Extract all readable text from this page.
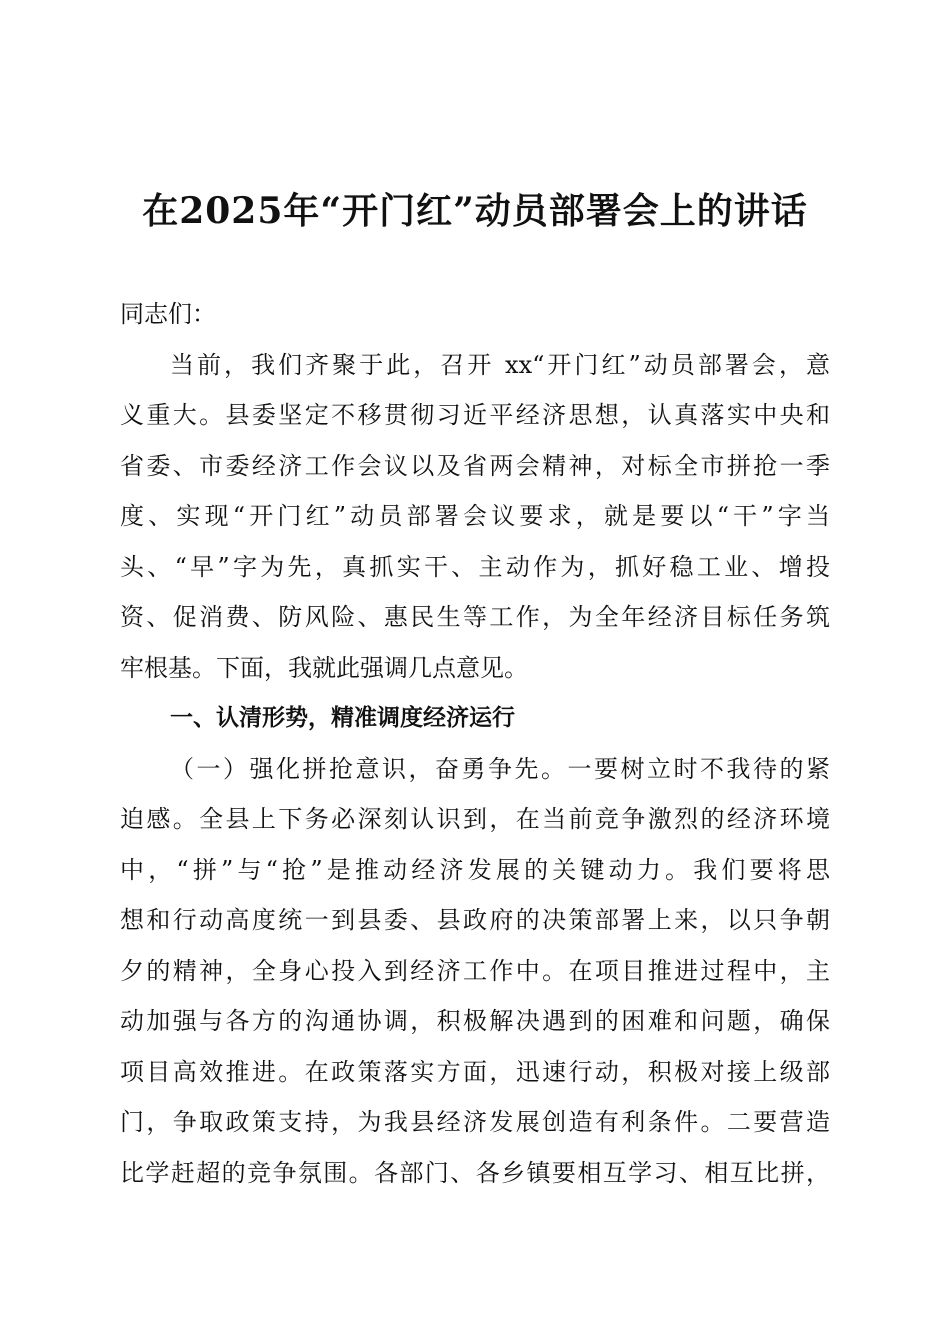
在2025年“开门红”动员部署会上的讲话
同志们：
当前，我们齐聚于此，召开 xx“开门红”动员部署会，意
义重大。县委坚定不移贯彻习近平经济思想，认真落实中央和
省委、市委经济工作会议以及省两会精神，对标全市拼抢一季
度、实现“开门红”动员部署会议要求，就是要以“干”字当
头、“早”字为先，真抓实干、主动作为，抓好稳工业、增投
资、促消费、防风险、惠民生等工作，为全年经济目标任务筑
牢根基。下面，我就此强调几点意见。
一、认清形势，精准调度经济运行
（一）强化拼抢意识，奋勇争先。一要树立时不我待的紧
迫感。全县上下务必深刻认识到，在当前竞争激烈的经济环境
中，“拼”与“抢”是推动经济发展的关键动力。我们要将思
想和行动高度统一到县委、县政府的决策部署上来，以只争朝
夕的精神，全身心投入到经济工作中。在项目推进过程中，主
动加强与各方的沟通协调，积极解决遇到的困难和问题，确保
项目高效推进。在政策落实方面，迅速行动，积极对接上级部
门，争取政策支持，为我县经济发展创造有利条件。二要营造
比学赶超的竞争氛围。各部门、各乡镇要相互学习、相互比拼，
